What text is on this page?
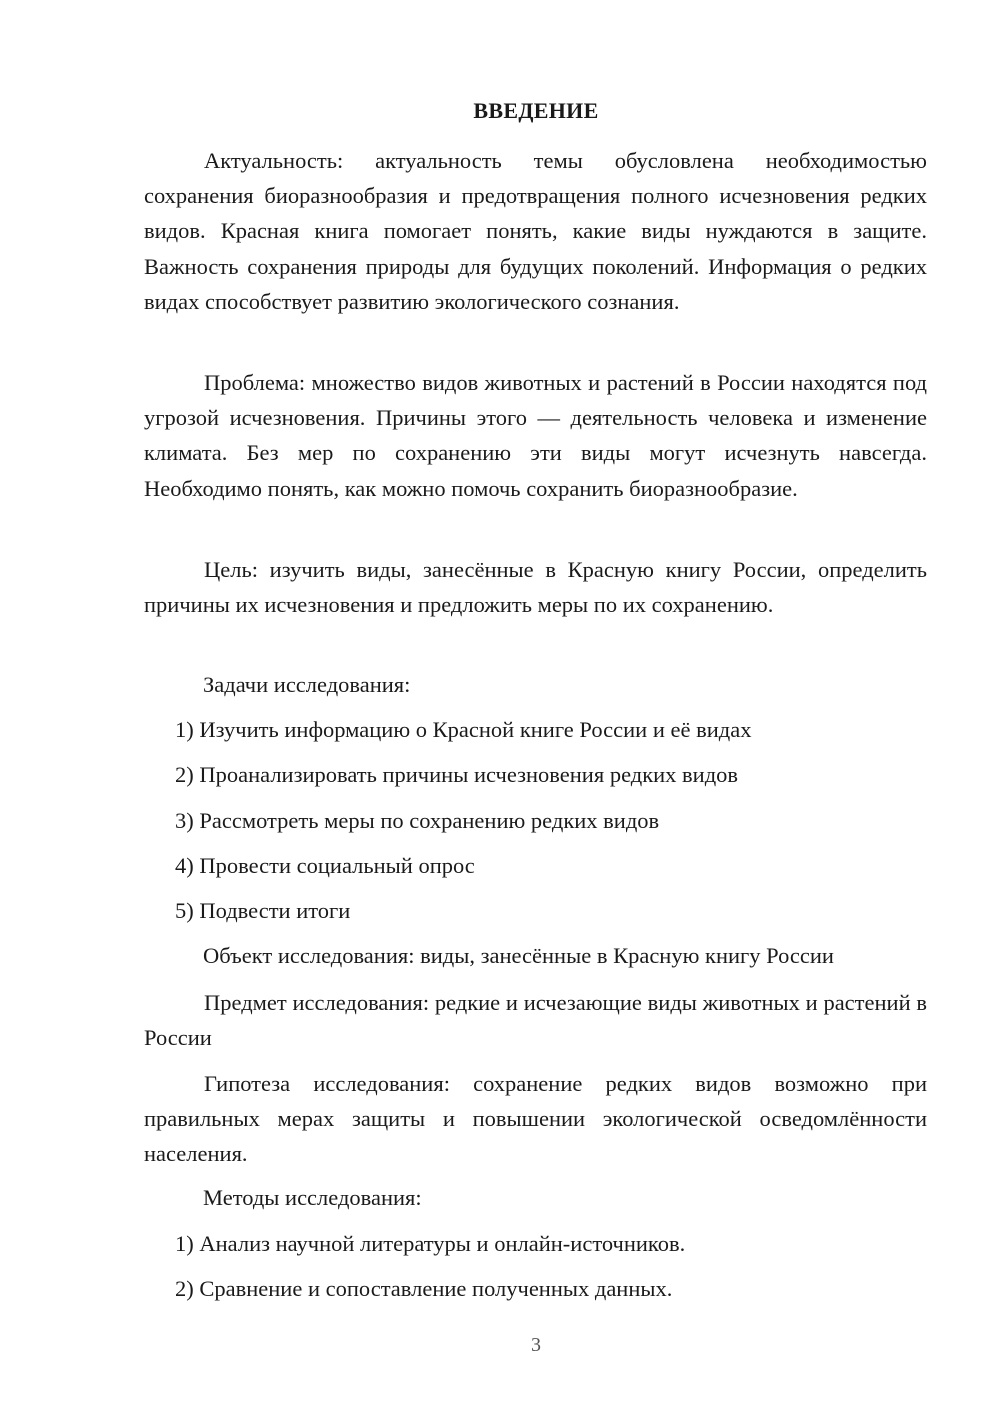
ВВЕДЕНИЕ

Актуальность: актуальность темы обусловлена необходимостью сохранения биоразнообразия и предотвращения полного исчезновения редких видов. Красная книга помогает понять, какие виды нуждаются в защите. Важность сохранения природы для будущих поколений. Информация о редких видах способствует развитию экологического сознания.

Проблема: множество видов животных и растений в России находятся под угрозой исчезновения. Причины этого — деятельность человека и изменение климата. Без мер по сохранению эти виды могут исчезнуть навсегда. Необходимо понять, как можно помочь сохранить биоразнообразие.

Цель: изучить виды, занесённые в Красную книгу России, определить причины их исчезновения и предложить меры по их сохранению.

Задачи исследования:
1) Изучить информацию о Красной книге России и её видах
2) Проанализировать причины исчезновения редких видов
3) Рассмотреть меры по сохранению редких видов
4) Провести социальный опрос
5) Подвести итоги
Объект исследования: виды, занесённые в Красную книгу России

Предмет исследования: редкие и исчезающие виды животных и растений в России

Гипотеза исследования: сохранение редких видов возможно при правильных мерах защиты и повышении экологической осведомлённости населения.

Методы исследования:
1) Анализ научной литературы и онлайн-источников.
2) Сравнение и сопоставление полученных данных.
3
